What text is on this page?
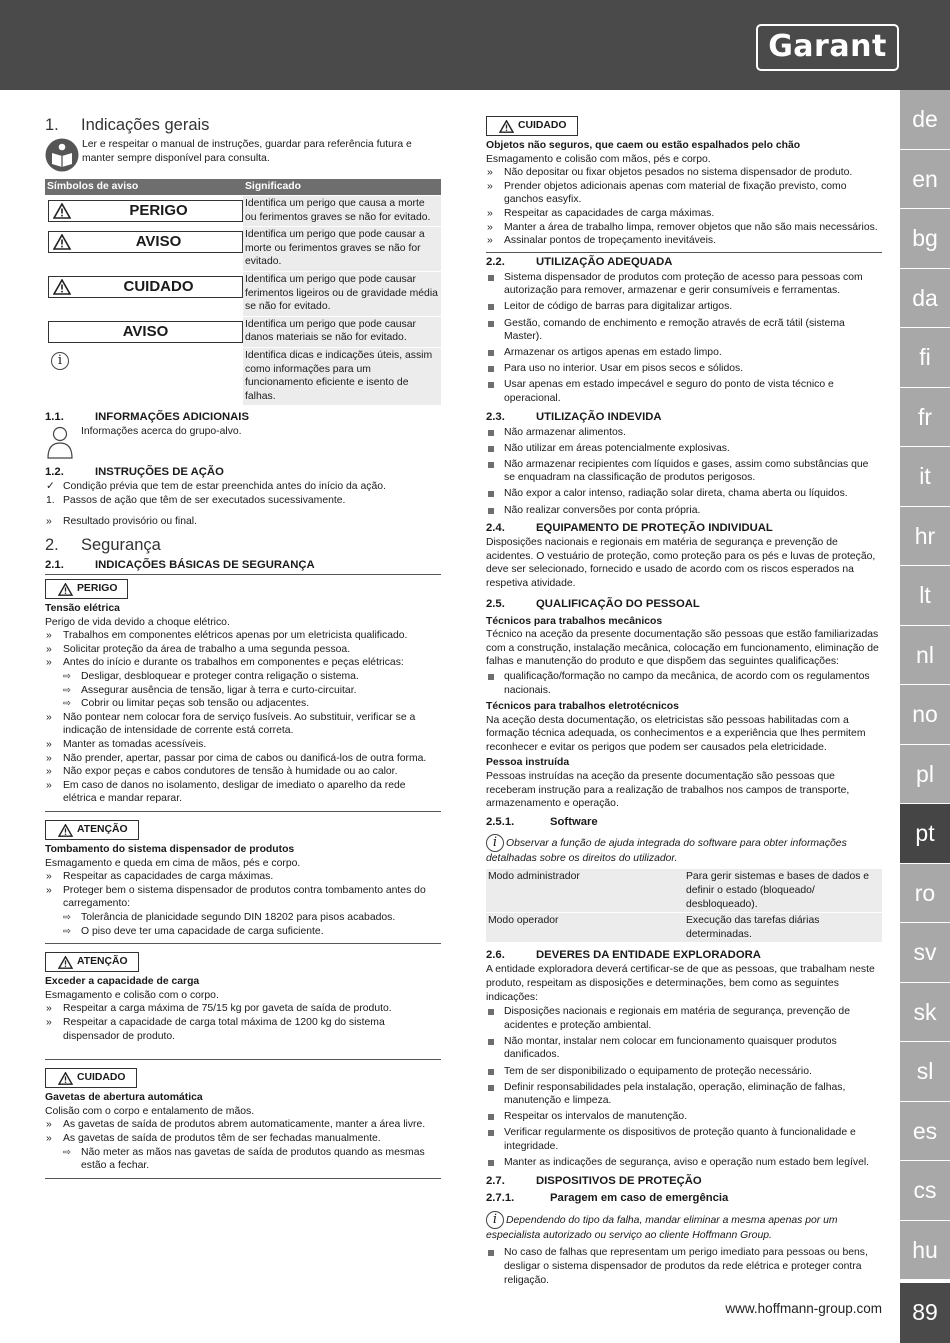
Garant
de
en
bg
da
fi
fr
it
hr
lt
nl
no
pl
pt
ro
sv
sk
sl
es
cs
hu
89
www.hoffmann-group.com
1. Indicações gerais
Ler e respeitar o manual de instruções, guardar para referência futura e manter sempre disponível para consulta.
Símbolos de aviso	Significado

PERIGO	Identifica um perigo que causa a morte ou ferimentos graves se não for evitado.

AVISO	Identifica um perigo que pode causar a morte ou ferimentos graves se não for evitado.

CUIDADO	Identifica um perigo que pode causar ferimentos ligeiros ou de gravidade média se não for evitado.

AVISO	Identifica um perigo que pode causar danos materiais se não for evitado.
i	Identifica dicas e indicações úteis, assim como informações para um funcionamento eficiente e isento de falhas.
1.1.	INFORMAÇÕES ADICIONAIS
Informações acerca do grupo-alvo.
1.2.	INSTRUÇÕES DE AÇÃO
✓ Condição prévia que tem de estar preenchida antes do início da ação.
1. Passos de ação que têm de ser executados sucessivamente.
» Resultado provisório ou final.
2. Segurança
2.1.	INDICAÇÕES BÁSICAS DE SEGURANÇA
PERIGO
Tensão elétrica
Perigo de vida devido a choque elétrico.
» Trabalhos em componentes elétricos apenas por um eletricista qualificado.
» Solicitar proteção da área de trabalho a uma segunda pessoa.
» Antes do início e durante os trabalhos em componentes e peças elétricas:
⇨ Desligar, desbloquear e proteger contra religação o sistema.
⇨ Assegurar ausência de tensão, ligar à terra e curto-circuitar.
⇨ Cobrir ou limitar peças sob tensão ou adjacentes.
» Não pontear nem colocar fora de serviço fusíveis. Ao substituir, verificar se a indicação de intensidade de corrente está correta.
» Manter as tomadas acessíveis.
» Não prender, apertar, passar por cima de cabos ou danificá-los de outra forma.
» Não expor peças e cabos condutores de tensão à humidade ou ao calor.
» Em caso de danos no isolamento, desligar de imediato o aparelho da rede elétrica e mandar reparar.
ATENÇÃO
Tombamento do sistema dispensador de produtos
Esmagamento e queda em cima de mãos, pés e corpo.
» Respeitar as capacidades de carga máximas.
» Proteger bem o sistema dispensador de produtos contra tombamento antes do carregamento:
⇨ Tolerância de planicidade segundo DIN 18202 para pisos acabados.
⇨ O piso deve ter uma capacidade de carga suficiente.
ATENÇÃO
Exceder a capacidade de carga
Esmagamento e colisão com o corpo.
» Respeitar a carga máxima de 75/15 kg por gaveta de saída de produto.
» Respeitar a capacidade de carga total máxima de 1200 kg do sistema dispensador de produto.
CUIDADO
Gavetas de abertura automática
Colisão com o corpo e entalamento de mãos.
» As gavetas de saída de produtos abrem automaticamente, manter a área livre.
» As gavetas de saída de produtos têm de ser fechadas manualmente.
⇨ Não meter as mãos nas gavetas de saída de produtos quando as mesmas estão a fechar.
CUIDADO
Objetos não seguros, que caem ou estão espalhados pelo chão
Esmagamento e colisão com mãos, pés e corpo.
» Não depositar ou fixar objetos pesados no sistema dispensador de produto.
» Prender objetos adicionais apenas com material de fixação previsto, como ganchos easyfix.
» Respeitar as capacidades de carga máximas.
» Manter a área de trabalho limpa, remover objetos que não são mais necessários.
» Assinalar pontos de tropeçamento inevitáveis.
2.2.	UTILIZAÇÃO ADEQUADA
Sistema dispensador de produtos com proteção de acesso para pessoas com autorização para remover, armazenar e gerir consumíveis e ferramentas.
Leitor de código de barras para digitalizar artigos.
Gestão, comando de enchimento e remoção através de ecrã tátil (sistema Master).
Armazenar os artigos apenas em estado limpo.
Para uso no interior. Usar em pisos secos e sólidos.
Usar apenas em estado impecável e seguro do ponto de vista técnico e operacional.
2.3.	UTILIZAÇÃO INDEVIDA
Não armazenar alimentos.
Não utilizar em áreas potencialmente explosivas.
Não armazenar recipientes com líquidos e gases, assim como substâncias que se enquadram na classificação de produtos perigosos.
Não expor a calor intenso, radiação solar direta, chama aberta ou líquidos.
Não realizar conversões por conta própria.
2.4.	EQUIPAMENTO DE PROTEÇÃO INDIVIDUAL
Disposições nacionais e regionais em matéria de segurança e prevenção de acidentes. O vestuário de proteção, como proteção para os pés e luvas de proteção, deve ser selecionado, fornecido e usado de acordo com os riscos esperados na respetiva atividade.
2.5.	QUALIFICAÇÃO DO PESSOAL
Técnicos para trabalhos mecânicos
Técnico na aceção da presente documentação são pessoas que estão familiarizadas com a construção, instalação mecânica, colocação em funcionamento, eliminação de falhas e manutenção do produto e que dispõem das seguintes qualificações:
qualificação/formação no campo da mecânica, de acordo com os regulamentos nacionais.
Técnicos para trabalhos eletrotécnicos
Na aceção desta documentação, os eletricistas são pessoas habilitadas com a formação técnica adequada, os conhecimentos e a experiência que lhes permitem reconhecer e evitar os perigos que podem ser causados pela eletricidade.
Pessoa instruída
Pessoas instruídas na aceção da presente documentação são pessoas que receberam instrução para a realização de trabalhos nos campos de transporte, armazenamento e operação.
2.5.1.	Software
i Observar a função de ajuda integrada do software para obter informações detalhadas sobre os direitos do utilizador.
Modo administrador	Para gerir sistemas e bases de dados e definir o estado (bloqueado/ desbloqueado).
Modo operador	Execução das tarefas diárias determinadas.
2.6.	DEVERES DA ENTIDADE EXPLORADORA
A entidade exploradora deverá certificar-se de que as pessoas, que trabalham neste produto, respeitam as disposições e determinações, bem como as seguintes indicações:
Disposições nacionais e regionais em matéria de segurança, prevenção de acidentes e proteção ambiental.
Não montar, instalar nem colocar em funcionamento quaisquer produtos danificados.
Tem de ser disponibilizado o equipamento de proteção necessário.
Definir responsabilidades pela instalação, operação, eliminação de falhas, manutenção e limpeza.
Respeitar os intervalos de manutenção.
Verificar regularmente os dispositivos de proteção quanto à funcionalidade e integridade.
Manter as indicações de segurança, aviso e operação num estado bem legível.
2.7.	DISPOSITIVOS DE PROTEÇÃO
2.7.1.	Paragem em caso de emergência
i Dependendo do tipo da falha, mandar eliminar a mesma apenas por um especialista autorizado ou serviço ao cliente Hoffmann Group.
No caso de falhas que representam um perigo imediato para pessoas ou bens, desligar o sistema dispensador de produtos da rede elétrica e proteger contra religação.
